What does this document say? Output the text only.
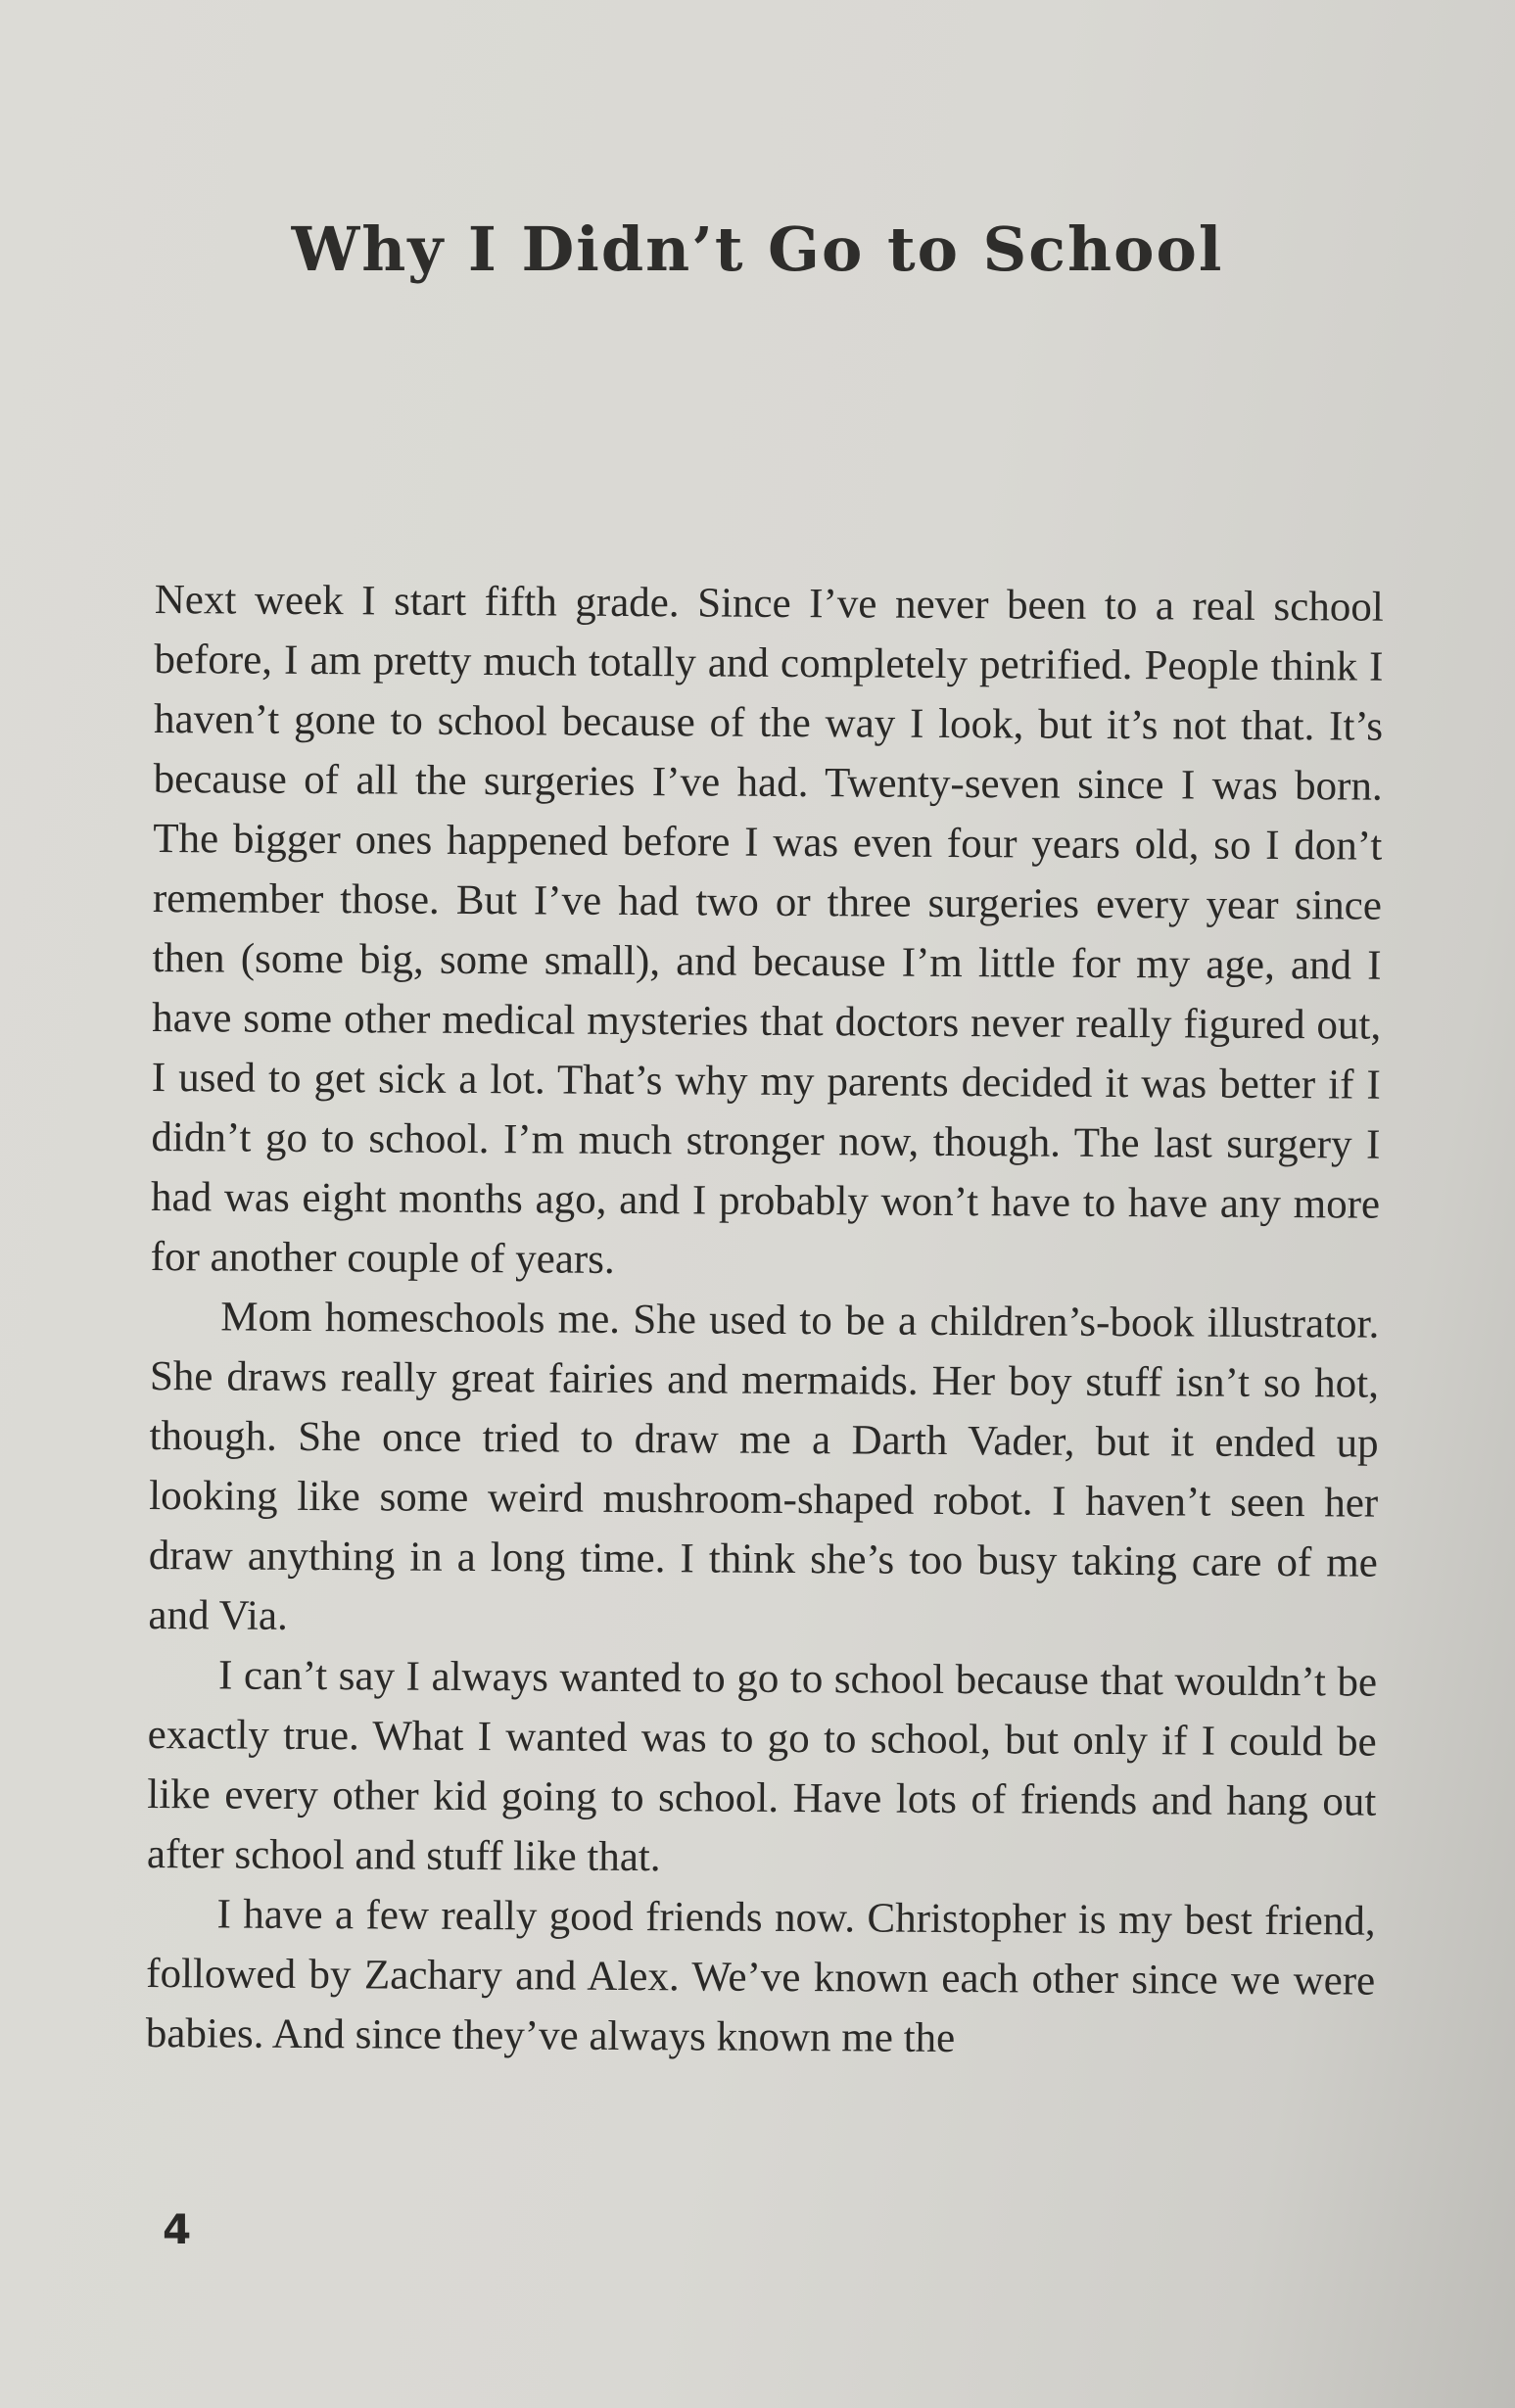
Why I Didn’t Go to School

Next week I start fifth grade. Since I’ve never been to a real school before, I am pretty much totally and completely petrified. People think I haven’t gone to school because of the way I look, but it’s not that. It’s because of all the surgeries I’ve had. Twenty-seven since I was born. The bigger ones happened before I was even four years old, so I don’t remember those. But I’ve had two or three surgeries every year since then (some big, some small), and because I’m little for my age, and I have some other medical mysteries that doctors never really figured out, I used to get sick a lot. That’s why my parents decided it was better if I didn’t go to school. I’m much stronger now, though. The last surgery I had was eight months ago, and I probably won’t have to have any more for another couple of years.

Mom homeschools me. She used to be a children’s-book illustrator. She draws really great fairies and mermaids. Her boy stuff isn’t so hot, though. She once tried to draw me a Darth Vader, but it ended up looking like some weird mushroom-shaped robot. I haven’t seen her draw anything in a long time. I think she’s too busy taking care of me and Via.

I can’t say I always wanted to go to school because that wouldn’t be exactly true. What I wanted was to go to school, but only if I could be like every other kid going to school. Have lots of friends and hang out after school and stuff like that.

I have a few really good friends now. Christopher is my best friend, followed by Zachary and Alex. We’ve known each other since we were babies. And since they’ve always known me the

4
